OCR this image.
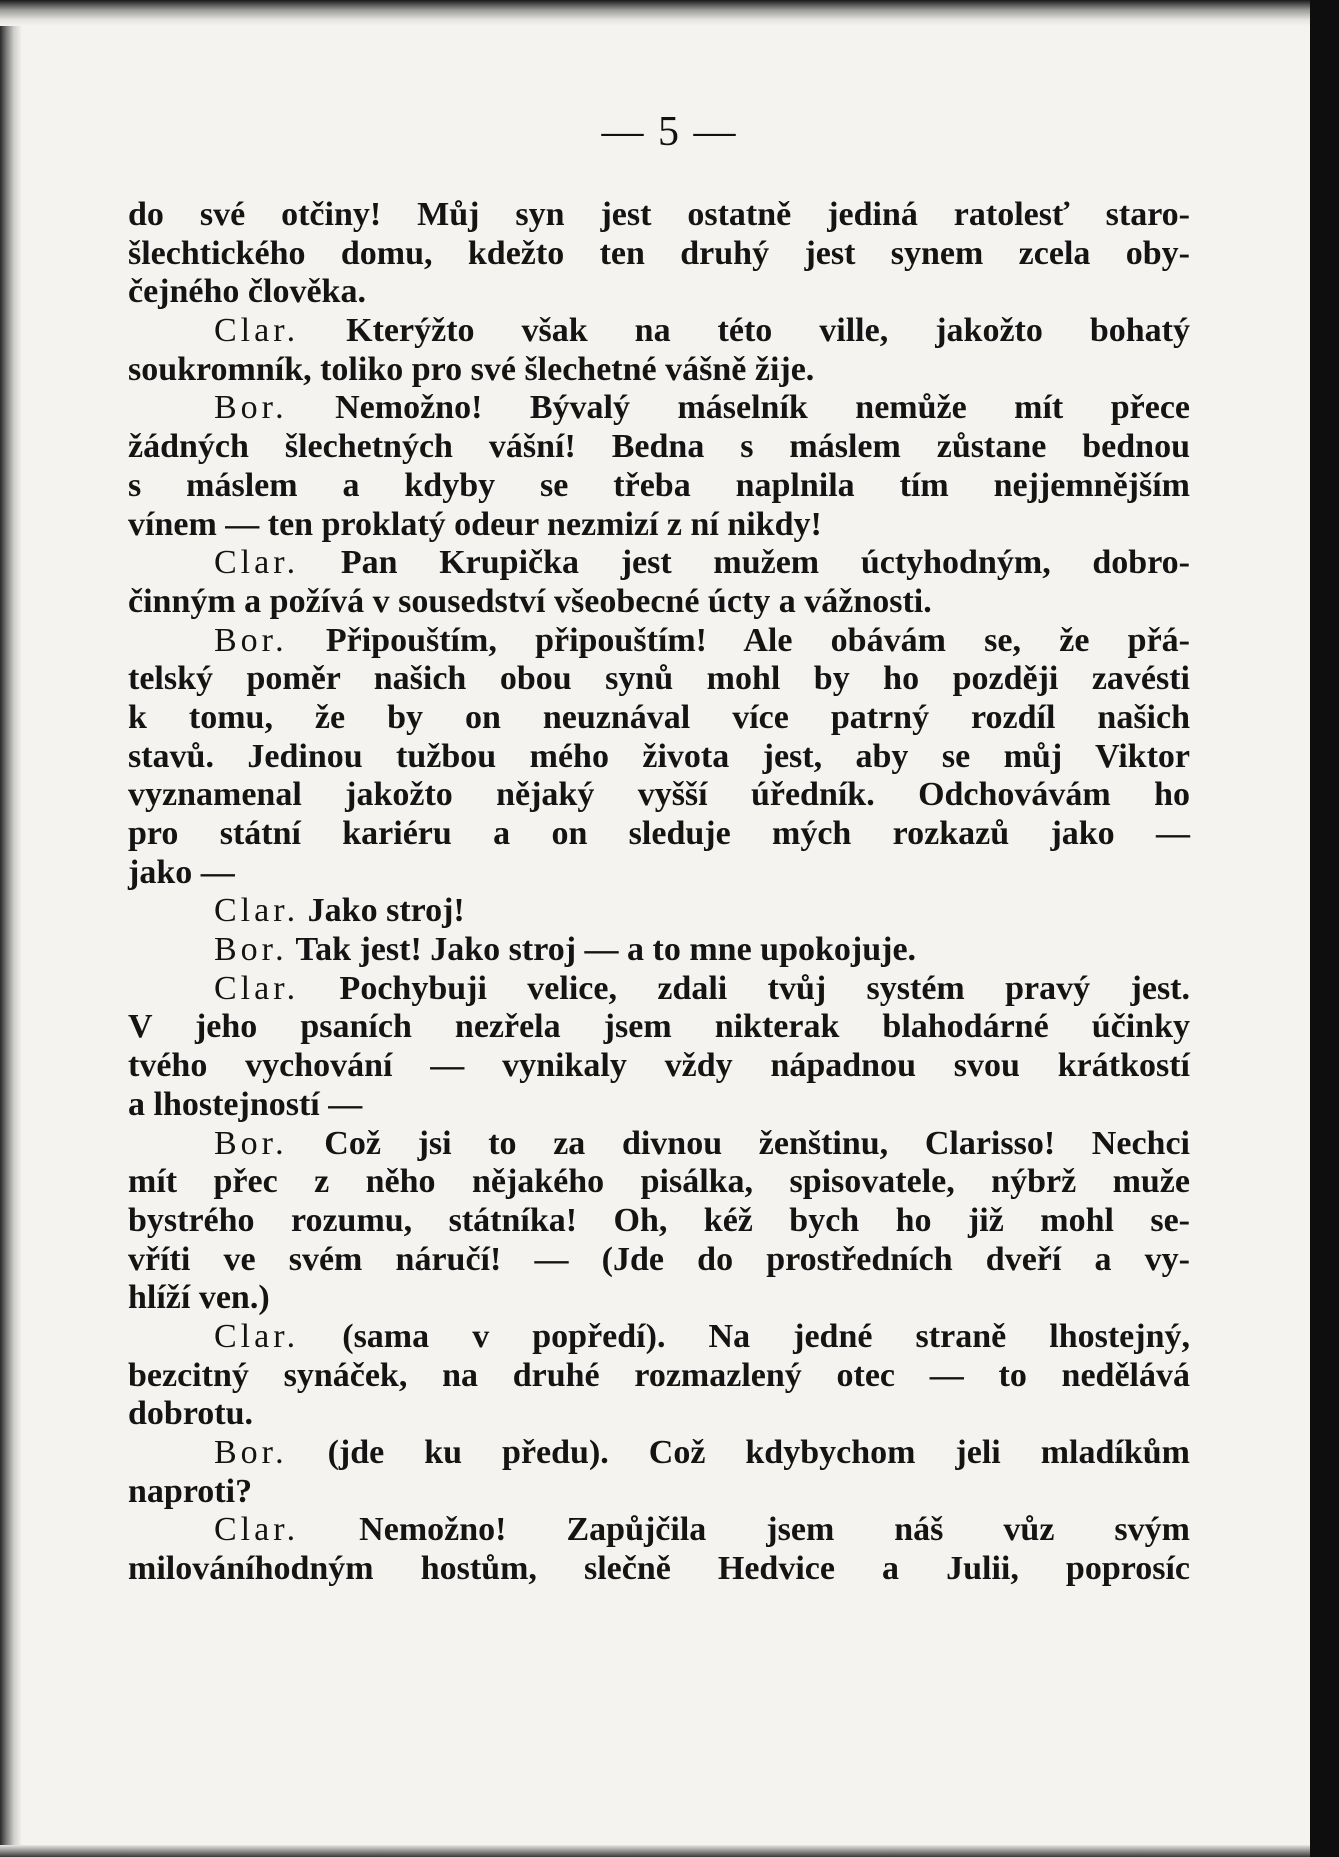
— 5 —
do své otčiny! Můj syn jest ostatně jediná ratolesť staro-
šlechtického domu, kdežto ten druhý jest synem zcela oby-
čejného člověka.
Clar. Kterýžto však na této ville, jakožto bohatý
soukromník, toliko pro své šlechetné vášně žije.
Bor. Nemožno! Bývalý máselník nemůže mít přece
žádných šlechetných vášní! Bedna s máslem zůstane bednou
s máslem a kdyby se třeba naplnila tím nejjemnějším
vínem — ten proklatý odeur nezmizí z ní nikdy!
Clar. Pan Krupička jest mužem úctyhodným, dobro-
činným a požívá v sousedství všeobecné úcty a vážnosti.
Bor. Připouštím, připouštím! Ale obávám se, že přá-
telský poměr našich obou synů mohl by ho později zavésti
k tomu, že by on neuznával více patrný rozdíl našich
stavů. Jedinou tužbou mého života jest, aby se můj Viktor
vyznamenal jakožto nějaký vyšší úředník. Odchovávám ho
pro státní kariéru a on sleduje mých rozkazů jako —
jako —
Clar. Jako stroj!
Bor. Tak jest! Jako stroj — a to mne upokojuje.
Clar. Pochybuji velice, zdali tvůj systém pravý jest.
V jeho psaních nezřela jsem nikterak blahodárné účinky
tvého vychování — vynikaly vždy nápadnou svou krátkostí
a lhostejností —
Bor. Což jsi to za divnou ženštinu, Clarisso! Nechci
mít přec z něho nějakého pisálka, spisovatele, nýbrž muže
bystrého rozumu, státníka! Oh, kéž bych ho již mohl se-
vříti ve svém náručí! — (Jde do prostředních dveří a vy-
hlíží ven.)
Clar. (sama v popředí). Na jedné straně lhostejný,
bezcitný synáček, na druhé rozmazlený otec — to nedělává
dobrotu.
Bor. (jde ku předu). Což kdybychom jeli mladíkům
naproti?
Clar. Nemožno! Zapůjčila jsem náš vůz svým
milováníhodným hostům, slečně Hedvice a Julii, poprosíc
